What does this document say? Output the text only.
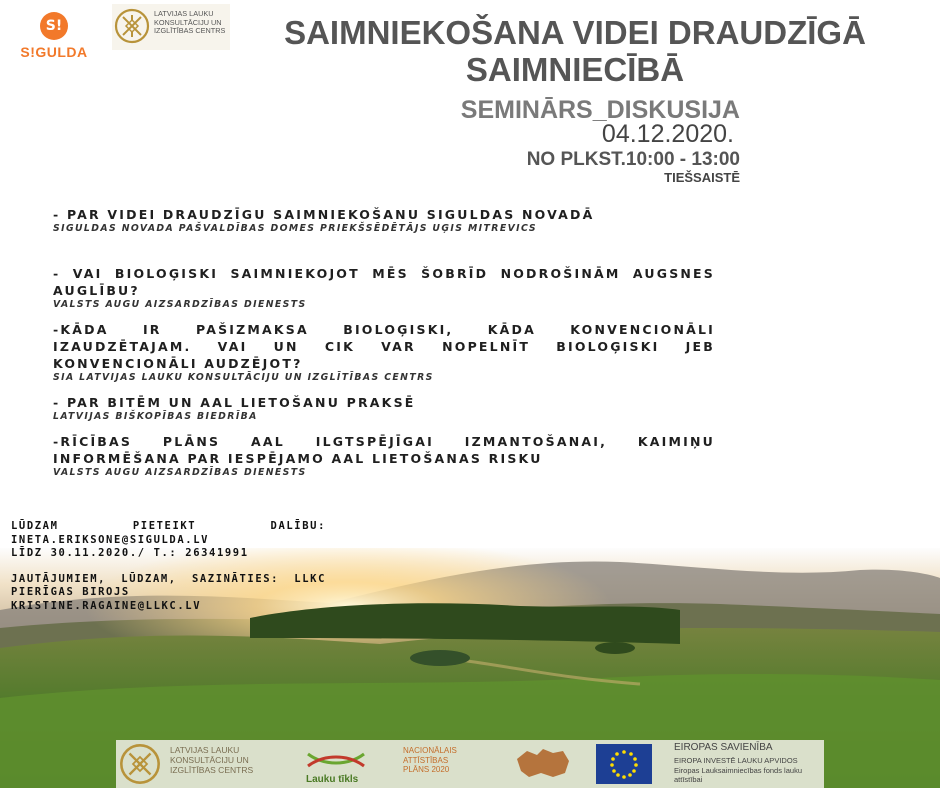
S!
S!GULDA
LATVIJAS LAUKU KONSULTĀCIJU UN IZGLĪTĪBAS CENTRS	SAIMNIEKOŠANA VIDEI DRAUDZĪGĀ SAIMNIECĪBĀ
SEMINĀRS_DISKUSIJA
04.12.2020.
NO PLKST.10:00 - 13:00
TIEŠSAISTĒ
- PAR VIDEI DRAUDZĪGU SAIMNIEKOŠANU SIGULDAS NOVADĀ
SIGULDAS NOVADA PAŠVALDĪBAS DOMES PRIEKŠSĒDĒTĀJS UĢIS MITREVICS
- VAI BIOLOĢISKI SAIMNIEKOJOT MĒS ŠOBRĪD NODROŠINĀM AUGSNES AUGLĪBU?
VALSTS AUGU AIZSARDZĪBAS DIENESTS
-KĀDA IR PAŠIZMAKSA BIOLOĢISKI, KĀDA KONVENCIONĀLI IZAUDZĒTAJAM. VAI UN CIK VAR NOPELNĪT BIOLOĢISKI JEB KONVENCIONĀLI AUDZĒJOT?
SIA LATVIJAS LAUKU KONSULTĀCIJU UN IZGLĪTĪBAS CENTRS
- PAR BITĒM UN AAL LIETOŠANU PRAKSĒ
LATVIJAS BIŠKOPĪBAS BIEDRĪBA
-RĪCĪBAS PLĀNS AAL ILGTSPĒJĪGAI IZMANTOŠANAI, KAIMIŅU INFORMĒŠANA PAR IESPĒJAMO AAL LIETOŠANAS RISKU
VALSTS AUGU AIZSARDZĪBAS DIENESTS

LŪDZAM PIETEIKT DALĪBU:

INETA.ERIKSONE@SIGULDA.LV

LĪDZ 30.11.2020./ T.: 26341991

JAUTĀJUMIEM, LŪDZAM, SAZINĀTIES: LLKC

PIERĪGAS BIROJS

KRISTINE.RAGAINE@LLKC.LV

LATVIJAS LAUKU KONSULTĀCIJU UN IZGLĪTĪBAS CENTRS
Lauku tīkls
NACIONĀLAIS ATTĪSTĪBAS PLĀNS 2020
EIROPAS SAVIENĪBA
EIROPA INVESTĒ LAUKU APVIDOS
Eiropas Lauksaimniecības fonds lauku attīstībai
